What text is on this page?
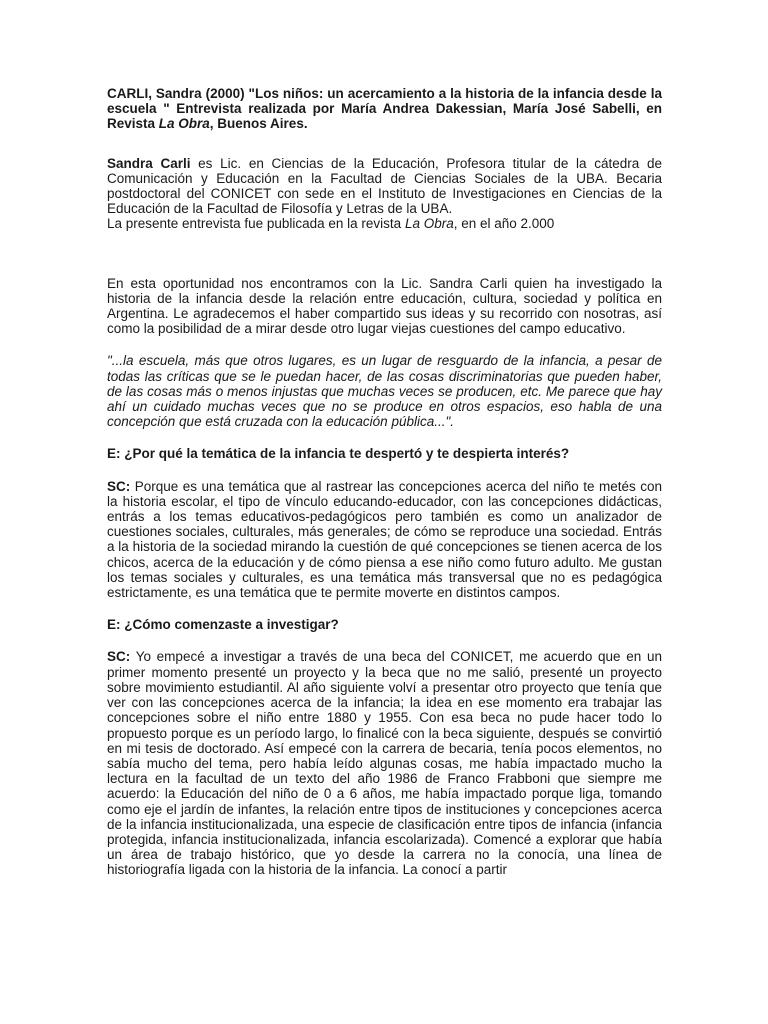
CARLI, Sandra (2000) "Los niños: un acercamiento a la historia de la infancia desde la escuela " Entrevista realizada por María Andrea Dakessian, María José Sabelli, en Revista La Obra, Buenos Aires.

Sandra Carli es Lic. en Ciencias de la Educación, Profesora titular de la cátedra de Comunicación y Educación en la Facultad de Ciencias Sociales de la UBA. Becaria postdoctoral del CONICET con sede en el Instituto de Investigaciones en Ciencias de la Educación de la Facultad de Filosofía y Letras de la UBA.

La presente entrevista fue publicada en la revista La Obra, en el año 2.000

En esta oportunidad nos encontramos con la Lic. Sandra Carli quien ha investigado la historia de la infancia desde la relación entre educación, cultura, sociedad y política en Argentina. Le agradecemos el haber compartido sus ideas y su recorrido con nosotras, así como la posibilidad de a mirar desde otro lugar viejas cuestiones del campo educativo.

"...la escuela, más que otros lugares, es un lugar de resguardo de la infancia, a pesar de todas las críticas que se le puedan hacer, de las cosas discriminatorias que pueden haber, de las cosas más o menos injustas que muchas veces se producen, etc. Me parece que hay ahí un cuidado muchas veces que no se produce en otros espacios, eso habla de una concepción que está cruzada con la educación pública...".

E: ¿Por qué la temática de la infancia te despertó y te despierta interés?

SC: Porque es una temática que al rastrear las concepciones acerca del niño te metés con la historia escolar, el tipo de vínculo educando-educador, con las concepciones didácticas, entrás a los temas educativos-pedagógicos pero también es como un analizador de cuestiones sociales, culturales, más generales; de cómo se reproduce una sociedad. Entrás a la historia de la sociedad mirando la cuestión de qué concepciones se tienen acerca de los chicos, acerca de la educación y de cómo piensa a ese niño como futuro adulto. Me gustan los temas sociales y culturales, es una temática más transversal que no es pedagógica estrictamente, es una temática que te permite moverte en distintos campos.

E: ¿Cómo comenzaste a investigar?

SC: Yo empecé a investigar a través de una beca del CONICET, me acuerdo que en un primer momento presenté un proyecto y la beca que no me salió, presenté un proyecto sobre movimiento estudiantil. Al año siguiente volví a presentar otro proyecto que tenía que ver con las concepciones acerca de la infancia; la idea en ese momento era trabajar las concepciones sobre el niño entre 1880 y 1955. Con esa beca no pude hacer todo lo propuesto porque es un período largo, lo finalicé con la beca siguiente, después se convirtió en mi tesis de doctorado. Así empecé con la carrera de becaria, tenía pocos elementos, no sabía mucho del tema, pero había leído algunas cosas, me había impactado mucho la lectura en la facultad de un texto del año 1986 de Franco Frabboni que siempre me acuerdo: la Educación del niño de 0 a 6 años, me había impactado porque liga, tomando como eje el jardín de infantes, la relación entre tipos de instituciones y concepciones acerca de la infancia institucionalizada, una especie de clasificación entre tipos de infancia (infancia protegida, infancia institucionalizada, infancia escolarizada). Comencé a explorar que había un área de trabajo histórico, que yo desde la carrera no la conocía, una línea de historiografía ligada con la historia de la infancia. La conocí a partir
